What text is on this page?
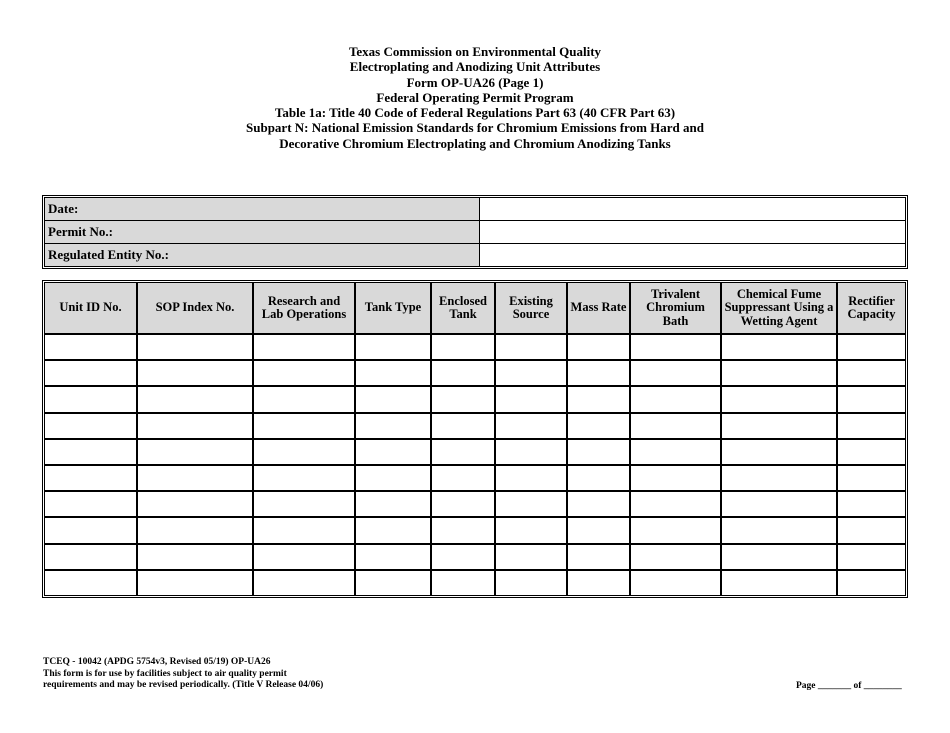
Texas Commission on Environmental Quality
Electroplating and Anodizing Unit Attributes
Form OP-UA26 (Page 1)
Federal Operating Permit Program
Table 1a: Title 40 Code of Federal Regulations Part 63 (40 CFR Part 63)
Subpart N: National Emission Standards for Chromium Emissions from Hard and
Decorative Chromium Electroplating and Chromium Anodizing Tanks
Date:	
Permit No.:	
Regulated Entity No.:	
Unit ID No.	SOP Index No.	Research and Lab Operations	Tank Type	Enclosed Tank	Existing Source	Mass Rate	Trivalent Chromium Bath	Chemical Fume Suppressant Using a Wetting Agent	Rectifier Capacity

TCEQ - 10042 (APDG 5754v3, Revised 05/19) OP-UA26
This form is for use by facilities subject to air quality permit
requirements and may be revised periodically. (Title V Release 04/06)	Page _______ of ________
